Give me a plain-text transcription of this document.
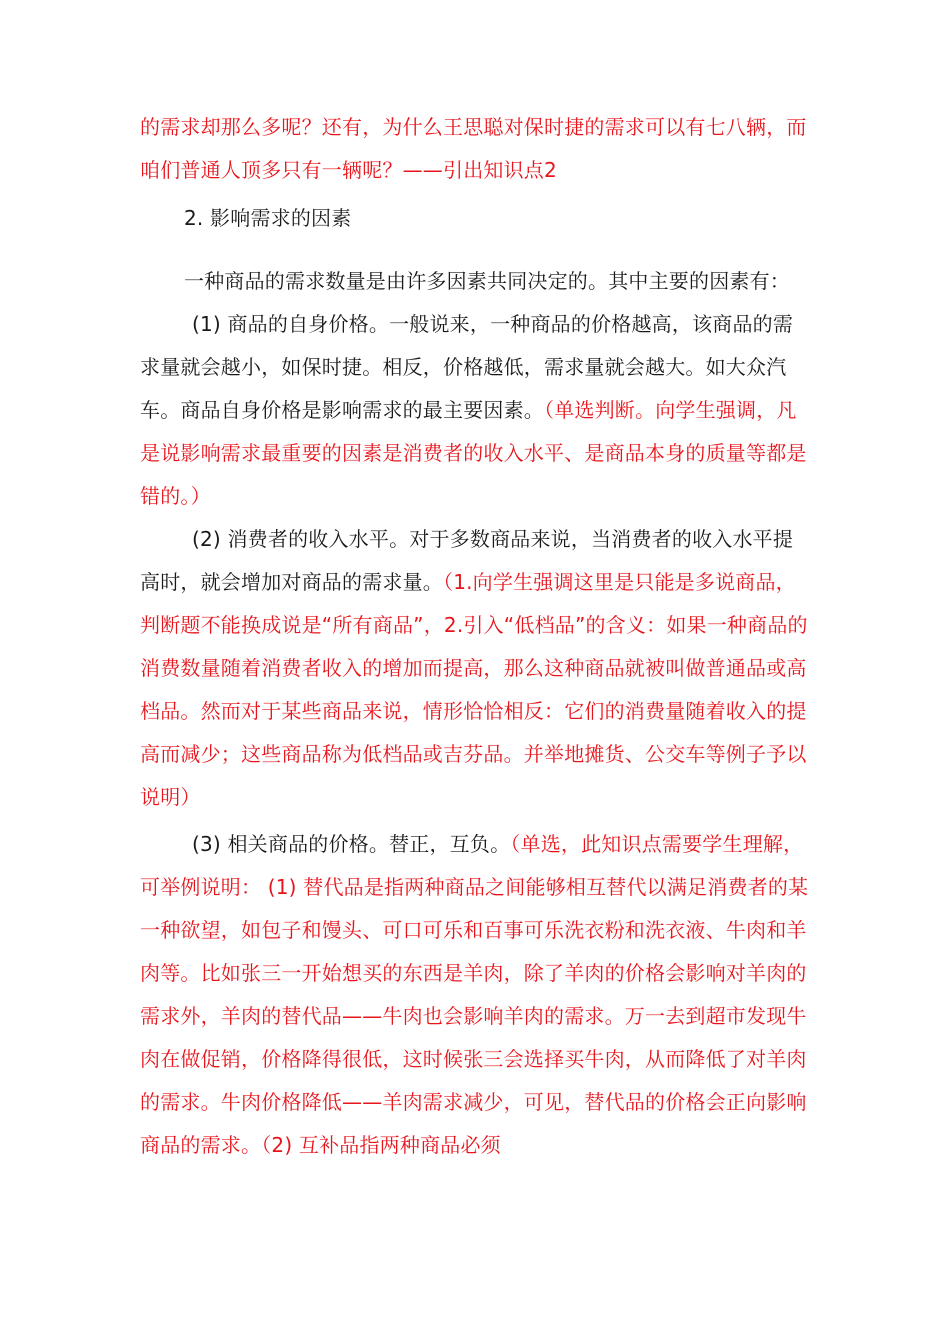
的需求却那么多呢？还有，为什么王思聪对保时捷的需求可以有七八辆，而咱们普通人顶多只有一辆呢？——引出知识点2

2. 影响需求的因素

一种商品的需求数量是由许多因素共同决定的。其中主要的因素有：

(1) 商品的自身价格。一般说来，一种商品的价格越高，该商品的需求量就会越小，如保时捷。相反，价格越低，需求量就会越大。如大众汽车。商品自身价格是影响需求的最主要因素。（单选判断。向学生强调，凡是说影响需求最重要的因素是消费者的收入水平、是商品本身的质量等都是错的。）

(2) 消费者的收入水平。对于多数商品来说，当消费者的收入水平提高时，就会增加对商品的需求量。（1.向学生强调这里是只能是多说商品，判断题不能换成说是“所有商品”，2.引入“低档品”的含义：如果一种商品的消费数量随着消费者收入的增加而提高，那么这种商品就被叫做普通品或高档品。然而对于某些商品来说，情形恰恰相反：它们的消费量随着收入的提高而减少；这些商品称为低档品或吉芬品。并举地摊货、公交车等例子予以说明）

(3) 相关商品的价格。替正，互负。（单选，此知识点需要学生理解，可举例说明： (1) 替代品是指两种商品之间能够相互替代以满足消费者的某一种欲望，如包子和馒头、可口可乐和百事可乐洗衣粉和洗衣液、牛肉和羊肉等。比如张三一开始想买的东西是羊肉，除了羊肉的价格会影响对羊肉的需求外，羊肉的替代品——牛肉也会影响羊肉的需求。万一去到超市发现牛肉在做促销，价格降得很低，这时候张三会选择买牛肉，从而降低了对羊肉的需求。牛肉价格降低——羊肉需求减少，可见，替代品的价格会正向影响商品的需求。（2) 互补品指两种商品必须
